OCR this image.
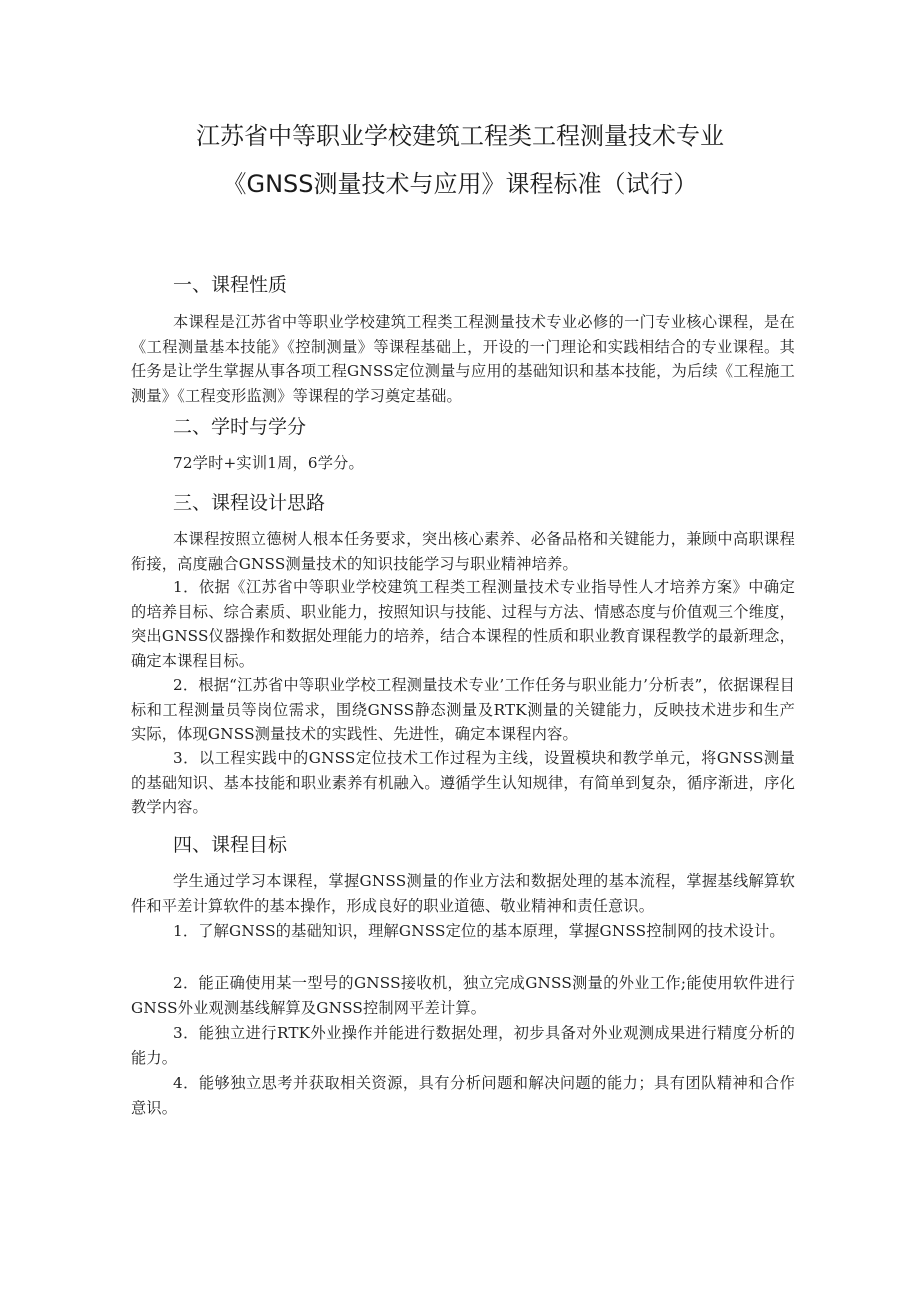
江苏省中等职业学校建筑工程类工程测量技术专业
《GNSS测量技术与应用》课程标准（试行）
一、课程性质

本课程是江苏省中等职业学校建筑工程类工程测量技术专业必修的一门专业核心课程，是在《工程测量基本技能》《控制测量》等课程基础上，开设的一门理论和实践相结合的专业课程。其任务是让学生掌握从事各项工程GNSS定位测量与应用的基础知识和基本技能，为后续《工程施工测量》《工程变形监测》等课程的学习奠定基础。

二、学时与学分

72学时+实训1周，6学分。

三、课程设计思路

本课程按照立德树人根本任务要求，突出核心素养、必备品格和关键能力，兼顾中高职课程衔接，高度融合GNSS测量技术的知识技能学习与职业精神培养。

1．依据《江苏省中等职业学校建筑工程类工程测量技术专业指导性人才培养方案》中确定的培养目标、综合素质、职业能力，按照知识与技能、过程与方法、情感态度与价值观三个维度，突出GNSS仪器操作和数据处理能力的培养，结合本课程的性质和职业教育课程教学的最新理念，确定本课程目标。

2．根据“江苏省中等职业学校工程测量技术专业’工作任务与职业能力’分析表”，依据课程目标和工程测量员等岗位需求，围绕GNSS静态测量及RTK测量的关键能力，反映技术进步和生产实际，体现GNSS测量技术的实践性、先进性，确定本课程内容。

3．以工程实践中的GNSS定位技术工作过程为主线，设置模块和教学单元，将GNSS测量的基础知识、基本技能和职业素养有机融入。遵循学生认知规律，有简单到复杂，循序渐进，序化教学内容。

四、课程目标

学生通过学习本课程，掌握GNSS测量的作业方法和数据处理的基本流程，掌握基线解算软件和平差计算软件的基本操作，形成良好的职业道德、敬业精神和责任意识。

1．了解GNSS的基础知识，理解GNSS定位的基本原理，掌握GNSS控制网的技术设计。

2．能正确使用某一型号的GNSS接收机，独立完成GNSS测量的外业工作;能使用软件进行GNSS外业观测基线解算及GNSS控制网平差计算。

3．能独立进行RTK外业操作并能进行数据处理，初步具备对外业观测成果进行精度分析的能力。

4．能够独立思考并获取相关资源，具有分析问题和解决问题的能力；具有团队精神和合作意识。
